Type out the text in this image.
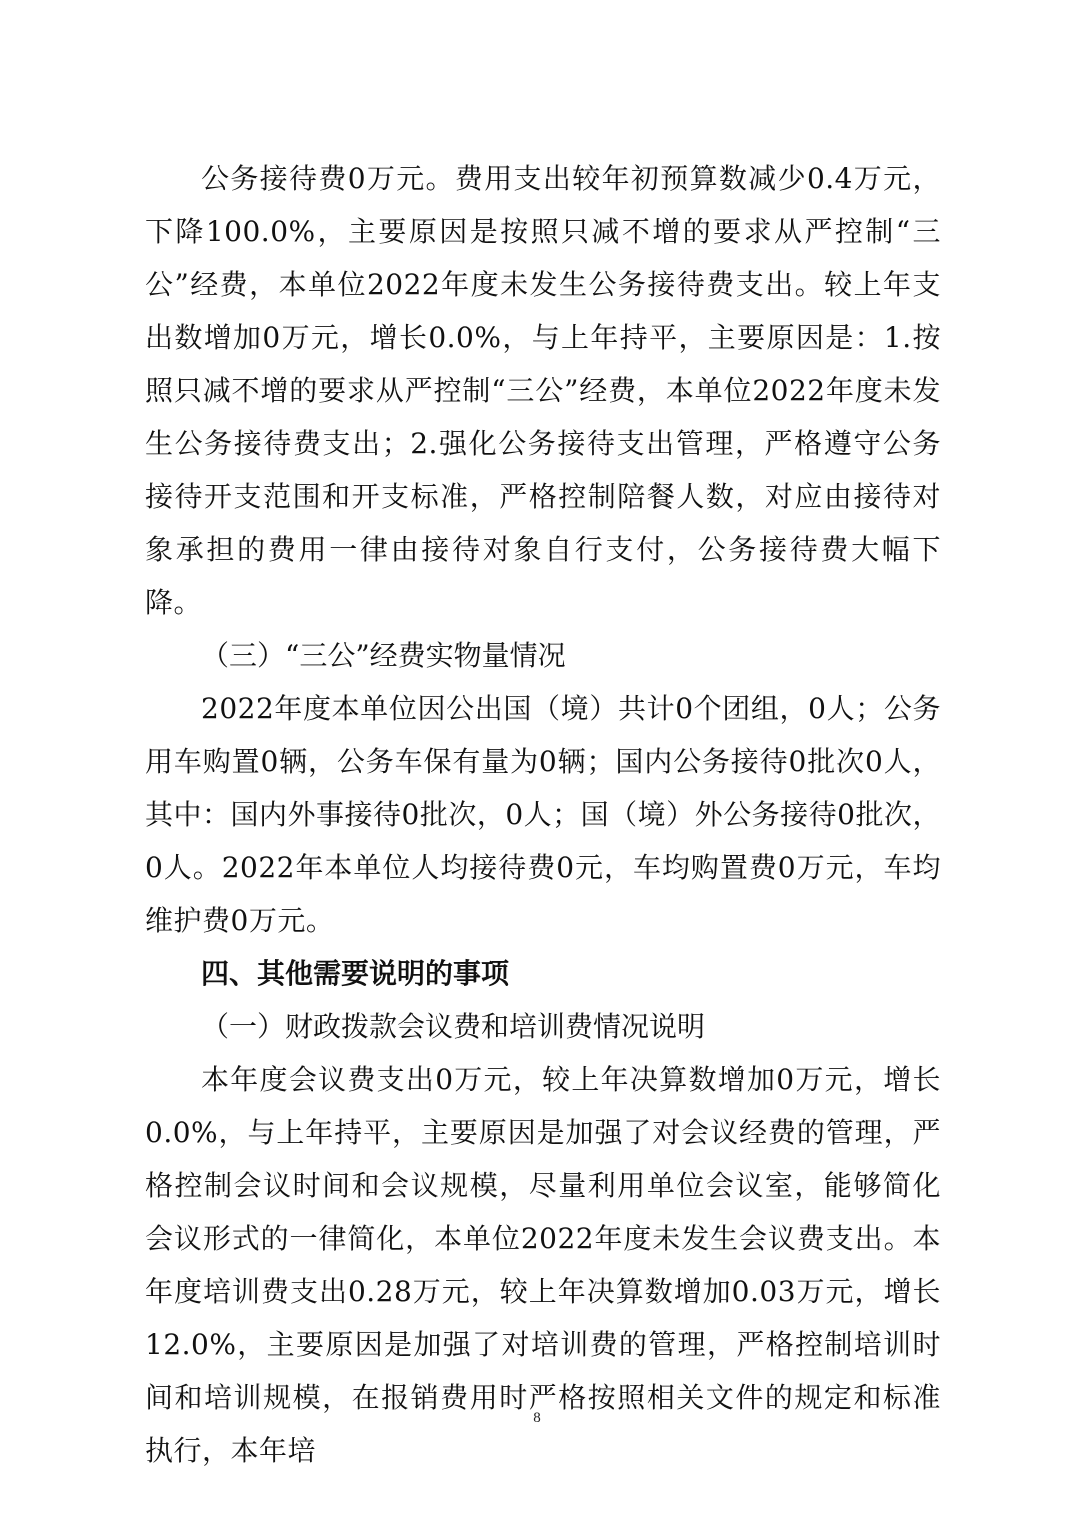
公务接待费0万元。费用支出较年初预算数减少0.4万元，下降100.0%，主要原因是按照只减不增的要求从严控制“三公”经费，本单位2022年度未发生公务接待费支出。较上年支出数增加0万元，增长0.0%，与上年持平，主要原因是：1.按照只减不增的要求从严控制“三公”经费，本单位2022年度未发生公务接待费支出；2.强化公务接待支出管理，严格遵守公务接待开支范围和开支标准，严格控制陪餐人数，对应由接待对象承担的费用一律由接待对象自行支付，公务接待费大幅下降。

（三）“三公”经费实物量情况

2022年度本单位因公出国（境）共计0个团组，0人；公务用车购置0辆，公务车保有量为0辆；国内公务接待0批次0人，其中：国内外事接待0批次，0人；国（境）外公务接待0批次，0人。2022年本单位人均接待费0元，车均购置费0万元，车均维护费0万元。

四、其他需要说明的事项

（一）财政拨款会议费和培训费情况说明

本年度会议费支出0万元，较上年决算数增加0万元，增长0.0%，与上年持平，主要原因是加强了对会议经费的管理，严格控制会议时间和会议规模，尽量利用单位会议室，能够简化会议形式的一律简化，本单位2022年度未发生会议费支出。本年度培训费支出0.28万元，较上年决算数增加0.03万元，增长12.0%，主要原因是加强了对培训费的管理，严格控制培训时间和培训规模，在报销费用时严格按照相关文件的规定和标准执行，本年培

8
